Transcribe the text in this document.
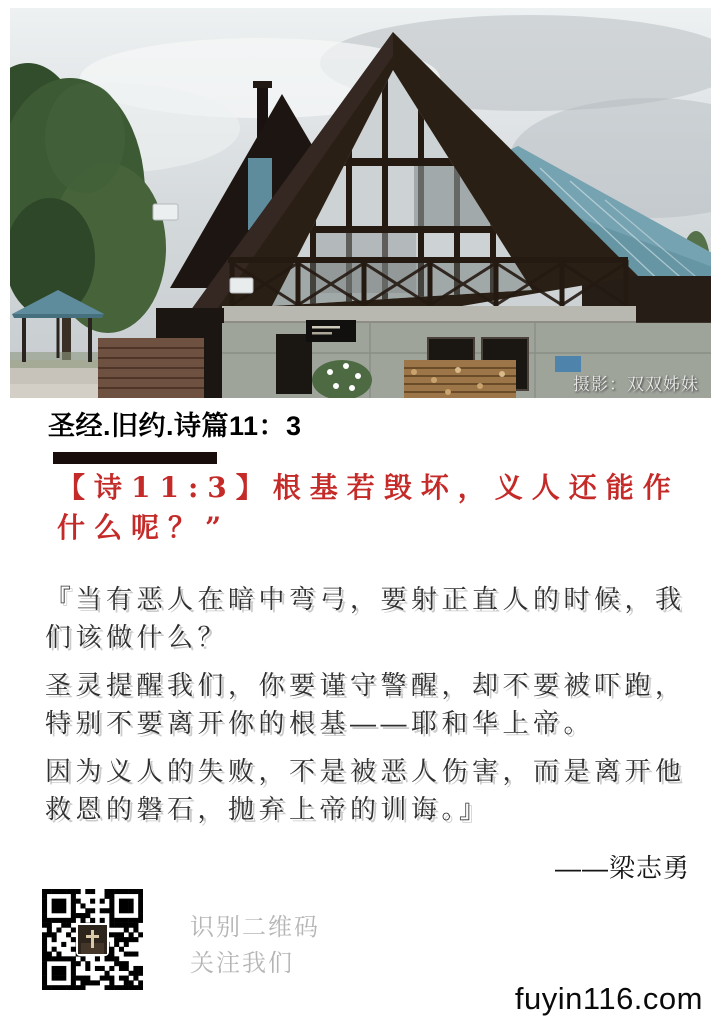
摄影：双双姊妹
圣经.旧约.诗篇11：3
【诗11:3】根基若毁坏，义人还能作什么呢？”

『当有恶人在暗中弯弓，要射正直人的时候，我们该做什么？

圣灵提醒我们，你要谨守警醒，却不要被吓跑，特别不要离开你的根基——耶和华上帝。

因为义人的失败，不是被恶人伤害，而是离开他救恩的磐石，抛弃上帝的训诲。』

——梁志勇
识别二维码
关注我们
fuyin116.com
